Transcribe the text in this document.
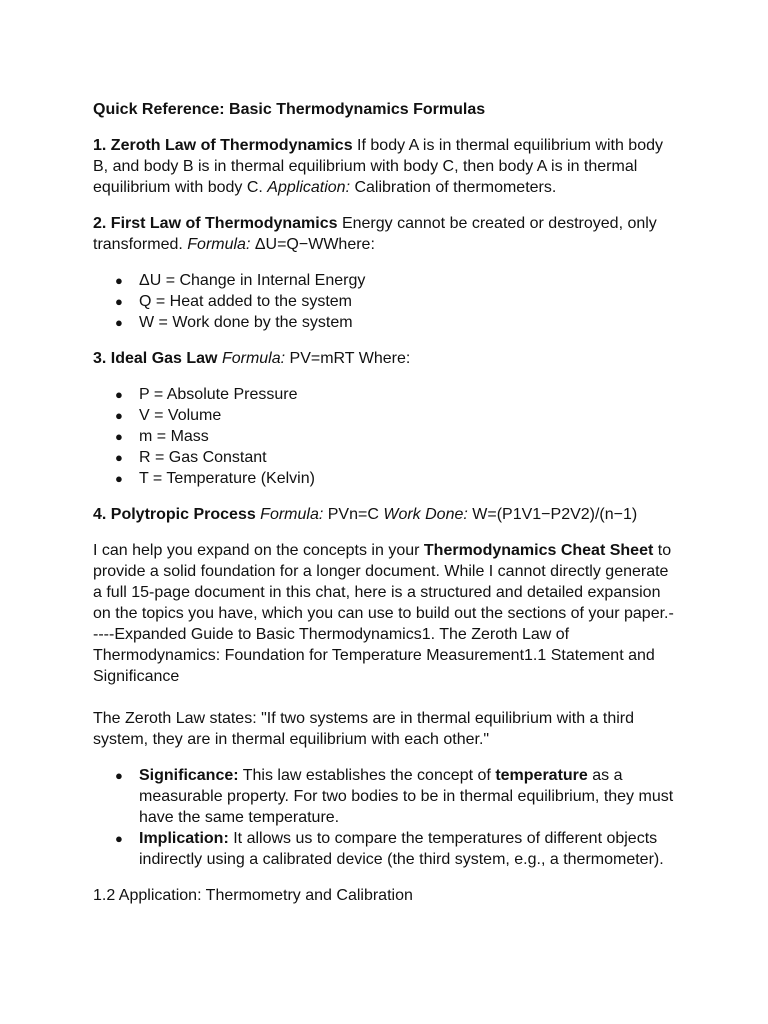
Quick Reference: Basic Thermodynamics Formulas

1. Zeroth Law of Thermodynamics If body A is in thermal equilibrium with body B, and body B is in thermal equilibrium with body C, then body A is in thermal equilibrium with body C. Application: Calibration of thermometers.

2. First Law of Thermodynamics Energy cannot be created or destroyed, only transformed. Formula: ΔU=Q−WWhere:

● ΔU = Change in Internal Energy
● Q = Heat added to the system
● W = Work done by the system

3. Ideal Gas Law Formula: PV=mRT Where:

● P = Absolute Pressure
● V = Volume
● m = Mass
● R = Gas Constant
● T = Temperature (Kelvin)

4. Polytropic Process Formula: PVn=C Work Done: W=(P1V1−P2V2)/(n−1)

I can help you expand on the concepts in your Thermodynamics Cheat Sheet to provide a solid foundation for a longer document. While I cannot directly generate a full 15-page document in this chat, here is a structured and detailed expansion on the topics you have, which you can use to build out the sections of your paper.-----Expanded Guide to Basic Thermodynamics1. The Zeroth Law of Thermodynamics: Foundation for Temperature Measurement1.1 Statement and Significance

The Zeroth Law states: "If two systems are in thermal equilibrium with a third system, they are in thermal equilibrium with each other."

● Significance: This law establishes the concept of temperature as a measurable property. For two bodies to be in thermal equilibrium, they must have the same temperature.
● Implication: It allows us to compare the temperatures of different objects indirectly using a calibrated device (the third system, e.g., a thermometer).

1.2 Application: Thermometry and Calibration
